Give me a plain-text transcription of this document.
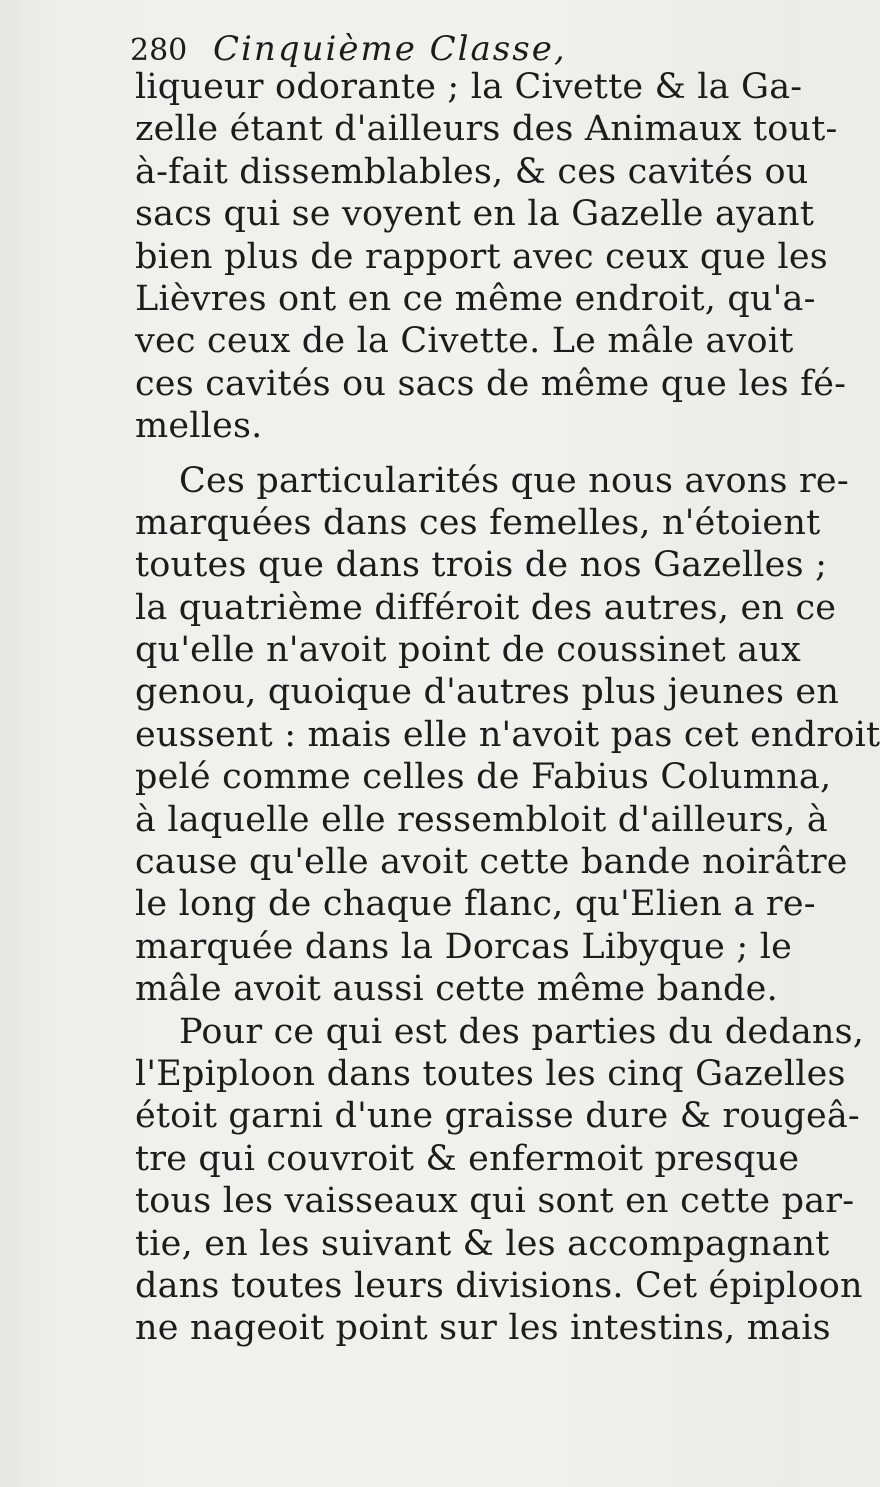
280 Cinquième Classe,
liqueur odorante ; la Civette & la Ga-
zelle étant d'ailleurs des Animaux tout-
à-fait dissemblables, & ces cavités ou
sacs qui se voyent en la Gazelle ayant
bien plus de rapport avec ceux que les
Lièvres ont en ce même endroit, qu'a-
vec ceux de la Civette. Le mâle avoit
ces cavités ou sacs de même que les fé-
melles.
Ces particularités que nous avons re-
marquées dans ces femelles, n'étoient
toutes que dans trois de nos Gazelles ;
la quatrième différoit des autres, en ce
qu'elle n'avoit point de coussinet aux
genou, quoique d'autres plus jeunes en
eussent : mais elle n'avoit pas cet endroit
pelé comme celles de Fabius Columna,
à laquelle elle ressembloit d'ailleurs, à
cause qu'elle avoit cette bande noirâtre
le long de chaque flanc, qu'Elien a re-
marquée dans la Dorcas Libyque ; le
mâle avoit aussi cette même bande.
Pour ce qui est des parties du dedans,
l'Epiploon dans toutes les cinq Gazelles
étoit garni d'une graisse dure & rougeâ-
tre qui couvroit & enfermoit presque
tous les vaisseaux qui sont en cette par-
tie, en les suivant & les accompagnant
dans toutes leurs divisions. Cet épiploon
ne nageoit point sur les intestins, mais
